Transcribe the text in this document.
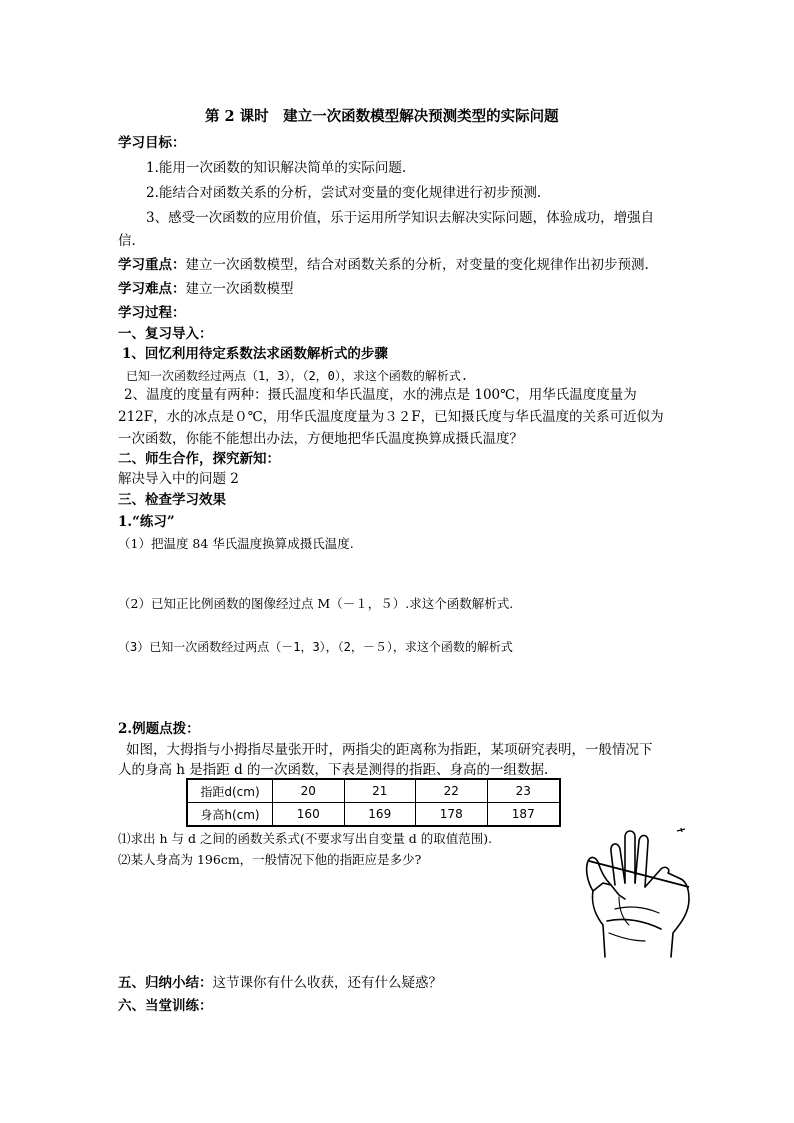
第 2 课时　建立一次函数模型解决预测类型的实际问题
学习目标：
1.能用一次函数的知识解决简单的实际问题.
2.能结合对函数关系的分析，尝试对变量的变化规律进行初步预测.
3、感受一次函数的应用价值，乐于运用所学知识去解决实际问题，体验成功，增强自
信.
学习重点：建立一次函数模型，结合对函数关系的分析，对变量的变化规律作出初步预测.
学习难点：建立一次函数模型
学习过程：
一、复习导入：
1、回忆利用待定系数法求函数解析式的步骤
已知一次函数经过两点（1，3），（2，0），求这个函数的解析式.
2、温度的度量有两种：摄氏温度和华氏温度，水的沸点是 100℃，用华氏温度度量为
212F，水的冰点是０℃，用华氏温度度量为３２F，已知摄氏度与华氏温度的关系可近似为
一次函数，你能不能想出办法，方便地把华氏温度换算成摄氏温度？
二、师生合作，探究新知：
解决导入中的问题 2
三、检查学习效果
1.“练习”
（1）把温度 84 华氏温度换算成摄氏温度.
（2）已知正比例函数的图像经过点 M（－１，５）.求这个函数解析式.
（3）已知一次函数经过两点（－1，3），（2，－５），求这个函数的解析式
2.例题点拨：
如图，大拇指与小拇指尽量张开时，两指尖的距离称为指距，某项研究表明，一般情况下
人的身高 h 是指距 d 的一次函数，下表是测得的指距、身高的一组数据.
指距d(cm)	20	21	22	23
身高h(cm)	160	169	178	187
⑴求出 h 与 d 之间的函数关系式(不要求写出自变量 d 的取值范围).
⑵某人身高为 196cm，一般情况下他的指距应是多少?
五、归纳小结：这节课你有什么收获，还有什么疑惑？
六、当堂训练：
